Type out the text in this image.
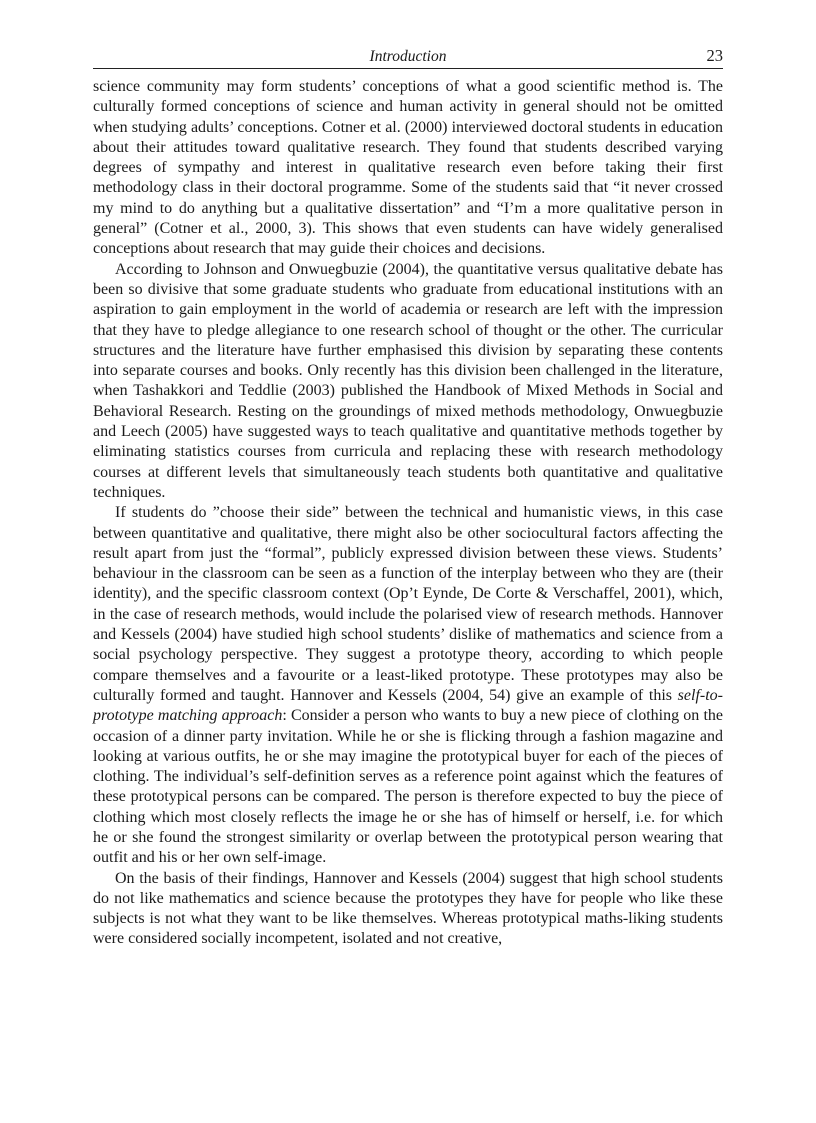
Introduction	23

science community may form students’ conceptions of what a good scientific method is. The culturally formed conceptions of science and human activity in general should not be omitted when studying adults’ conceptions. Cotner et al. (2000) interviewed doctoral students in education about their attitudes toward qualitative research. They found that students described varying degrees of sympathy and interest in qualitative research even before taking their first methodology class in their doctoral programme. Some of the students said that “it never crossed my mind to do anything but a qualitative dissertation” and “I’m a more qualitative person in general” (Cotner et al., 2000, 3). This shows that even students can have widely generalised conceptions about research that may guide their choices and decisions.

According to Johnson and Onwuegbuzie (2004), the quantitative versus qualitative debate has been so divisive that some graduate students who graduate from educational institutions with an aspiration to gain employment in the world of academia or research are left with the impression that they have to pledge allegiance to one research school of thought or the other. The curricular structures and the literature have further emphasised this division by separating these contents into separate courses and books. Only recently has this division been challenged in the literature, when Tashakkori and Teddlie (2003) published the Handbook of Mixed Methods in Social and Behavioral Research. Resting on the groundings of mixed methods methodology, Onwuegbuzie and Leech (2005) have suggested ways to teach qualitative and quantitative methods together by eliminating statistics courses from curricula and replacing these with research methodology courses at different levels that simultaneously teach students both quantitative and qualitative techniques.

If students do ”choose their side” between the technical and humanistic views, in this case between quantitative and qualitative, there might also be other sociocultural factors affecting the result apart from just the “formal”, publicly expressed division between these views. Students’ behaviour in the classroom can be seen as a function of the interplay between who they are (their identity), and the specific classroom context (Op’t Eynde, De Corte & Verschaffel, 2001), which, in the case of research methods, would include the polarised view of research methods. Hannover and Kessels (2004) have studied high school students’ dislike of mathematics and science from a social psychology perspective. They suggest a prototype theory, according to which people compare themselves and a favourite or a least-liked prototype. These prototypes may also be culturally formed and taught. Hannover and Kessels (2004, 54) give an example of this self-to-prototype matching approach: Consider a person who wants to buy a new piece of clothing on the occasion of a dinner party invitation. While he or she is flicking through a fashion magazine and looking at various outfits, he or she may imagine the prototypical buyer for each of the pieces of clothing. The individual’s self-definition serves as a reference point against which the features of these prototypical persons can be compared. The person is therefore expected to buy the piece of clothing which most closely reflects the image he or she has of himself or herself, i.e. for which he or she found the strongest similarity or overlap between the prototypical person wearing that outfit and his or her own self-image.

On the basis of their findings, Hannover and Kessels (2004) suggest that high school students do not like mathematics and science because the prototypes they have for people who like these subjects is not what they want to be like themselves. Whereas prototypical maths-liking students were considered socially incompetent, isolated and not creative,
